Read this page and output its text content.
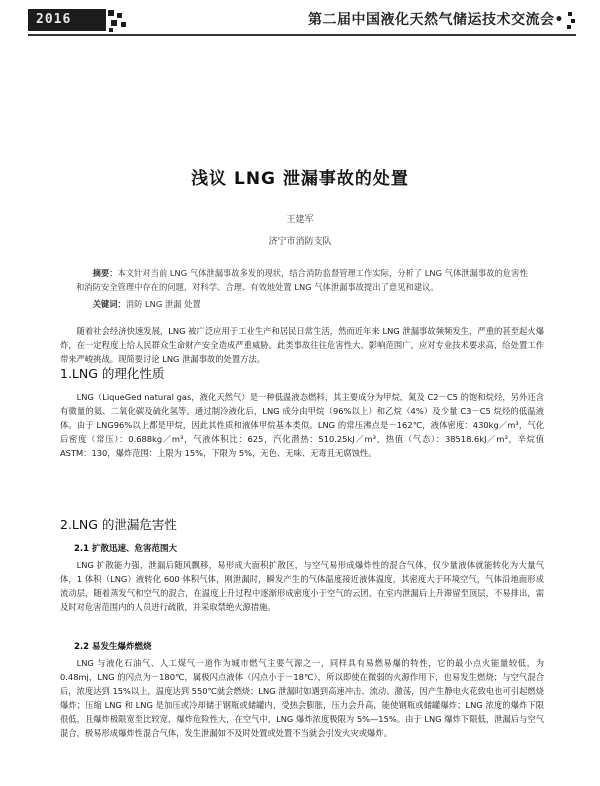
2016	第二届中国液化天然气储运技术交流会•
浅议 LNG 泄漏事故的处置
王建军
济宁市消防支队
摘要：本文针对当前 LNG 气体泄漏事故多发的现状，结合消防监督管理工作实际，分析了 LNG 气体泄漏事故的危害性和消防安全管理中存在的问题，对科学、合理、有效地处置 LNG 气体泄漏事故提出了意见和建议。
关键词：消防 LNG 泄漏 处置
随着社会经济快速发展，LNG 被广泛应用于工业生产和居民日常生活，然而近年来 LNG 泄漏事故频频发生，严重的甚至起火爆炸，在一定程度上给人民群众生命财产安全造成严重威胁。此类事故往往危害性大、影响范围广，应对专业技术要求高，给处置工作带来严峻挑战。现简要讨论 LNG 泄漏事故的处置方法。
1.LNG 的理化性质
LNG（LiqueGed natural gas，液化天然气）是一种低温液态燃料，其主要成分为甲烷，氮及 C2－C5 的饱和烷烃，另外还含有微量的氦、二氧化碳及硫化氢等。通过制冷液化后，LNG 成分由甲烷（96%以上）和乙烷（4%）及少量 C3－C5 烷烃的低温液体。由于 LNG96%以上都是甲烷，因此其性质和液体甲烷基本类似。LNG 的常压沸点是－162℃，液体密度：430kg／m³，气化后密度（常压）：0.688kg／m³，气液体积比：625，汽化潜热：510.25kJ／m³，热值（气态）：38518.6kJ／m³，辛烷值 ASTM：130，爆炸范围：上限为 15%，下限为 5%，无色、无味、无毒且无腐蚀性。
2.LNG 的泄漏危害性
2.1 扩散迅速、危害范围大
LNG 扩散能力强，泄漏后随风飘移，易形成大面积扩散区，与空气易形成爆炸性的混合气体，仅少量液体就能转化为大量气体，1 体积（LNG）液转化 600 体积气体，刚泄漏时，瞬发产生的气体温度接近液体温度，其密度大于环境空气，气体沿地面形成流动层，随着蒸发气和空气的混合，在温度上升过程中逐渐形成密度小于空气的云团，在室内泄漏后上升滞留至顶层，不易排出，需及时对危害范围内的人员进行疏散，并采取禁绝火源措施。
2.2 易发生爆炸燃烧
LNG 与液化石油气、人工煤气一道作为城市燃气主要气源之一，同样具有易燃易爆的特性，它的最小点火能量较低，为 0.48mj，LNG 的闪点为－180℃，属极闪点液体（闪点小于－18℃），所以即使在微弱的火源作用下，也易发生燃烧；与空气混合后，浓度达到 15%以上，温度达到 550℃就会燃烧；LNG 泄漏时如遇到高速冲击、流动、激荡，因产生静电火花致电也可引起燃烧爆炸；压缩 LNG 和 LNG 是加压或冷却储于钢瓶或储罐内，受热会膨胀，压力会升高，能使钢瓶或储罐爆炸；LNG 浓度的爆炸下限很低，且爆炸极限宽至比较宽，爆炸危险性大，在空气中，LNG 爆炸浓度极限为 5%—15%。由于 LNG 爆炸下限低，泄漏后与空气混合，极易形成爆炸性混合气体，发生泄漏如不及时处置或处置不当就会引发火灾或爆炸。
